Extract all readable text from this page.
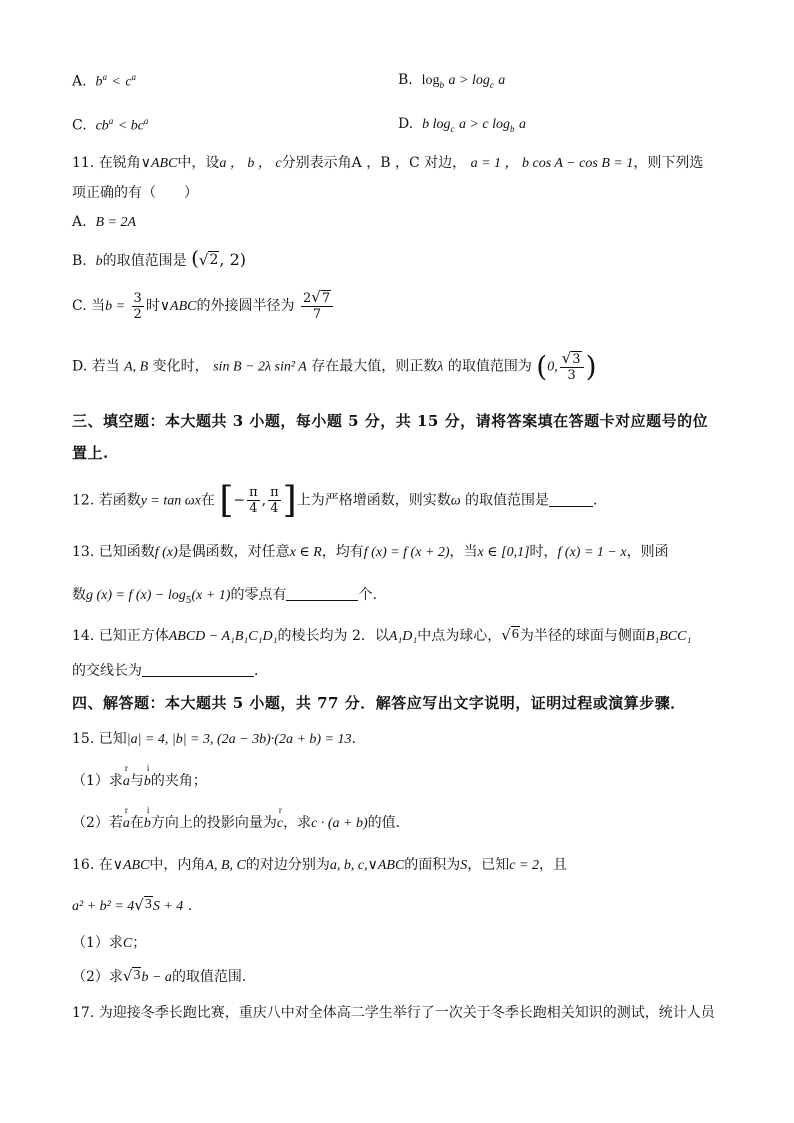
A. $b^a < c^a$	B. $\log_b a > \log_c a$
C. $cb^a < bc^a$	D. b $\log_c a > c$ $\log_b a$
11. 在锐角∨ABC中，设a ， b ， c分别表示角A ，B ，C 对边， a = 1 ， b cos A − cos B = 1，则下列选
项正确的有（　　）
A. B = 2A
B. b的取值范围是 ( √ 2 , 2)
C. 当$b = \frac{3}{2}$ 时∨ABC的外接圆半径为 $\frac{2 √ 7}{7}$
D. 若当 A, B 变化时， sin B − 2λ sin² A 存在最大值，则正数λ 的取值范围为 (0, $\frac{√ 3}{3}$ )
三、填空题：本大题共 3 小题，每小题 5 分，共 15 分，请将答案填在答题卡对应题号的位
置上.
12. 若函数y = tan ωx在 [− $\frac{\pi}{4}$ , $\frac{\pi}{4}$ ]上为严格增函数，则实数ω 的取值范围是	.
13. 已知函数f (x)是偶函数，对任意x ∈ R，均有f (x) = f (x + 2)，当x ∈ [0,1]时，f (x) = 1 − x，则函
数g (x) = f $(x) - \log_5(x + 1)$的零点有	个.
14. 已知正方体ABCD − A₁B₁C₁D₁的棱长均为 2．以A₁D₁中点为球心， √ 6 为半径的球面与侧面B₁BCC₁
的交线长为	．
四、解答题：本大题共 5 小题，共 77 分．解答应写出文字说明，证明过程或演算步骤．
15. 已知|a| = 4, |b| = 3, (2a − 3b)·(2a + b) = 13.
（1）求r a与i b的夹角；
（2）若r a在i b方向上的投影向量为r c，求c · (a + b)的值.
16. 在∨ABC中，内角A, B, C的对边分别为a, b, c,∨ABC的面积为S，已知c = 2，且
a² + b² = 4 √ 3 S + 4 .
（1）求C；
（2）求 √ 3 b − a的取值范围.
17. 为迎接冬季长跑比赛，重庆八中对全体高二学生举行了一次关于冬季长跑相关知识的测试，统计人员
